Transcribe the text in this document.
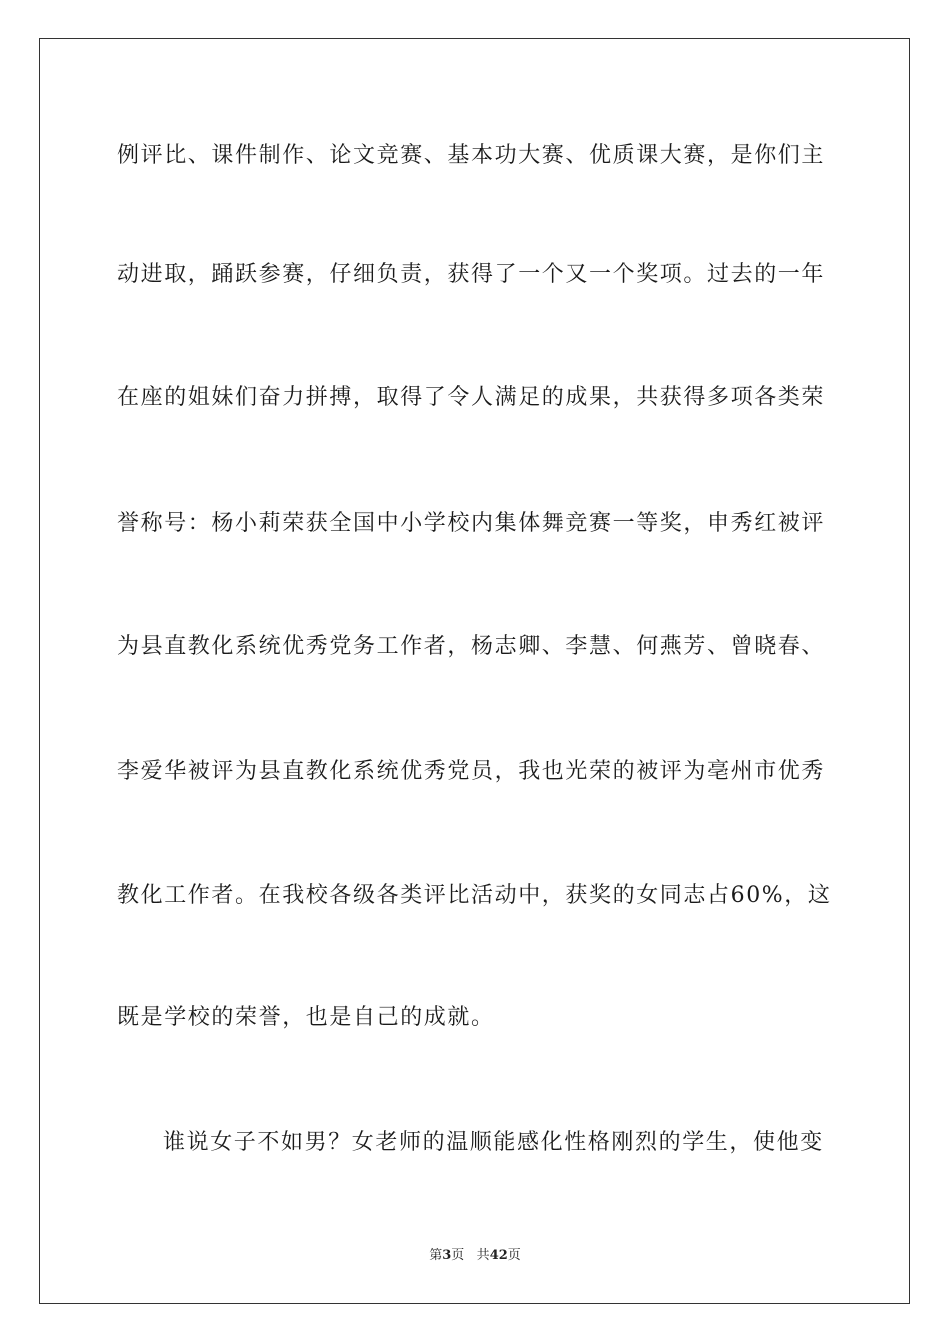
例评比、课件制作、论文竞赛、基本功大赛、优质课大赛，是你们主
动进取，踊跃参赛，仔细负责，获得了一个又一个奖项。过去的一年
在座的姐妹们奋力拼搏，取得了令人满足的成果，共获得多项各类荣
誉称号：杨小莉荣获全国中小学校内集体舞竞赛一等奖，申秀红被评
为县直教化系统优秀党务工作者，杨志卿、李慧、何燕芳、曾晓春、
李爱华被评为县直教化系统优秀党员，我也光荣的被评为亳州市优秀
教化工作者。在我校各级各类评比活动中，获奖的女同志占60%，这
既是学校的荣誉，也是自己的成就。
谁说女子不如男？女老师的温顺能感化性格刚烈的学生，使他变
第3页 共42页
